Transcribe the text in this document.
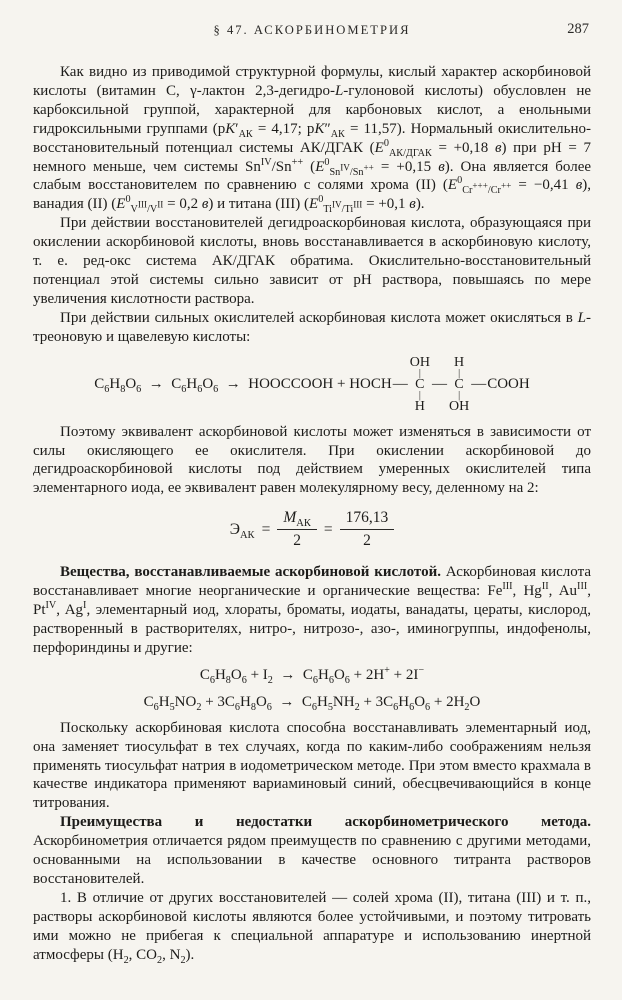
§ 47. АСКОРБИНОМЕТРИЯ	287

Как видно из приводимой структурной формулы, кислый характер аскорбиновой кислоты (витамин С, γ-лактон 2,3-дегидро-L-гулоновой кислоты) обусловлен не карбоксильной группой, характерной для карбоновых кислот, а енольными гидроксильными группами ($pK'_{АК} = 4,17$; $pK''_{АК} = 11,57$). Нормальный окислительно-восстановительный потенциал системы АК/ДГАК ($E^0_{АК/ДГАК} = +0,18$ в) при pH = 7 немного меньше, чем системы $Sn^{IV}/Sn^{++}$ ($E^0_{Sn^{IV}/Sn^{++}} = +0,15$ в). Она является более слабым восстановителем по сравнению с солями хрома (II) ($E^0_{Cr^{+++}/Cr^{++}} = -0,41$ в), ванадия (II) ($E^0_{V^{III}/V^{II}} = 0,2$ в) и титана (III) ($E^0_{Ti^{IV}/Ti^{III}} = +0,1$ в).

При действии восстановителей дегидроаскорбиновая кислота, образующаяся при окислении аскорбиновой кислоты, вновь восстанавливается в аскорбиновую кислоту, т. е. ред-окс система АК/ДГАК обратима. Окислительно-восстановительный потенциал этой системы сильно зависит от pH раствора, повышаясь по мере увеличения кислотности раствора.

При действии сильных окислителей аскорбиновая кислота может окисляться в L-треоновую и щавелевую кислоты:

$C_6H_8O_6 \to C_6H_6O_6$  →  HOOCCOOH + HOCH —
OH
|
C
|
H
—
H
|
C
|
OH
— COOH

Поэтому эквивалент аскорбиновой кислоты может изменяться в зависимости от силы окисляющего ее окислителя. При окислении аскорбиновой до дегидроаскорбиновой кислоты под действием умеренных окислителей типа элементарного иода, ее эквивалент равен молекулярному весу, деленному на 2:

$Э_{АК} = \frac{M_{АК}}{2} = \frac{176,13}{2}$

Вещества, восстанавливаемые аскорбиновой кислотой. Аскорбиновая кислота восстанавливает многие неорганические и органические вещества: $Fe^{III}$, $Hg^{II}$, $Au^{III}$, $Pt^{IV}$, $Ag^I$, элементарный иод, хлораты, броматы, иодаты, ванадаты, цераты, кислород, растворенный в растворителях, нитро-, нитрозо-, азо-, иминогруппы, индофенолы, перфориндины и другие:

$C_6H_8O_6 + I_2 \to C_6H_6O_6 + 2H^+ + 2I^-$
$C_6H_5NO_2 + 3C_6H_8O_6 \to C_6H_5NH_2 + 3C_6H_6O_6 + 2H_2O$

Поскольку аскорбиновая кислота способна восстанавливать элементарный иод, она заменяет тиосульфат в тех случаях, когда по каким-либо соображениям нельзя применять тиосульфат натрия в иодометрическом методе. При этом вместо крахмала в качестве индикатора применяют вариаминовый синий, обесцвечивающийся в конце титрования.

Преимущества и недостатки аскорбинометрического метода. Аскорбинометрия отличается рядом преимуществ по сравнению с другими методами, основанными на использовании в качестве основного титранта растворов восстановителей.

1. В отличие от других восстановителей — солей хрома (II), титана (III) и т. п., растворы аскорбиновой кислоты являются более устойчивыми, и поэтому титровать ими можно не прибегая к специальной аппаратуре и использованию инертной атмосферы ($H_2$, $CO_2$, $N_2$).
